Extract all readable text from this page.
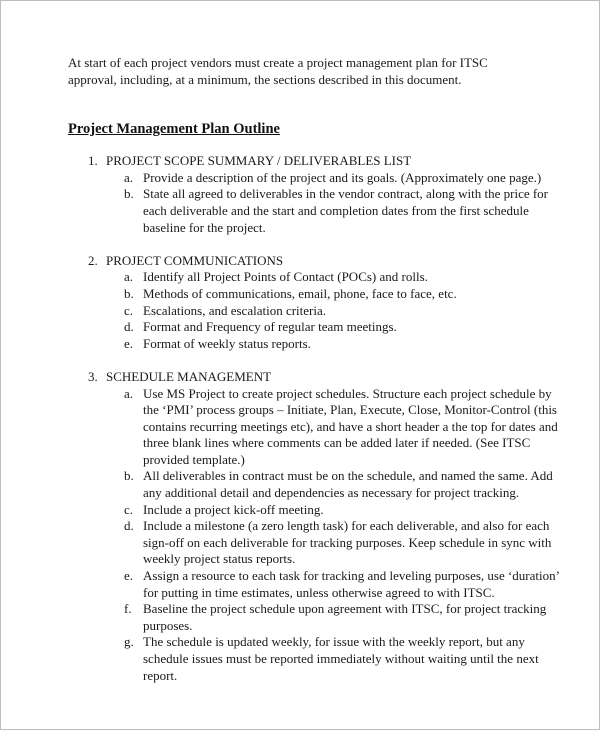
At start of each project vendors must create a project management plan for ITSC approval, including, at a minimum, the sections described in this document.

Project Management Plan Outline
1. PROJECT SCOPE SUMMARY / DELIVERABLES LIST
a. Provide a description of the project and its goals. (Approximately one page.)
b. State all agreed to deliverables in the vendor contract, along with the price for each deliverable and the start and completion dates from the first schedule baseline for the project.
2. PROJECT COMMUNICATIONS
a. Identify all Project Points of Contact (POCs) and rolls.
b. Methods of communications, email, phone, face to face, etc.
c. Escalations, and escalation criteria.
d. Format and Frequency of regular team meetings.
e. Format of weekly status reports.
3. SCHEDULE MANAGEMENT
a. Use MS Project to create project schedules. Structure each project schedule by the ‘PMI’ process groups – Initiate, Plan, Execute, Close, Monitor-Control (this contains recurring meetings etc), and have a short header a the top for dates and three blank lines where comments can be added later if needed. (See ITSC provided template.)
b. All deliverables in contract must be on the schedule, and named the same. Add any additional detail and dependencies as necessary for project tracking.
c. Include a project kick-off meeting.
d. Include a milestone (a zero length task) for each deliverable, and also for each sign-off on each deliverable for tracking purposes. Keep schedule in sync with weekly project status reports.
e. Assign a resource to each task for tracking and leveling purposes, use ‘duration’ for putting in time estimates, unless otherwise agreed to with ITSC.
f. Baseline the project schedule upon agreement with ITSC, for project tracking purposes.
g. The schedule is updated weekly, for issue with the weekly report, but any schedule issues must be reported immediately without waiting until the next report.
